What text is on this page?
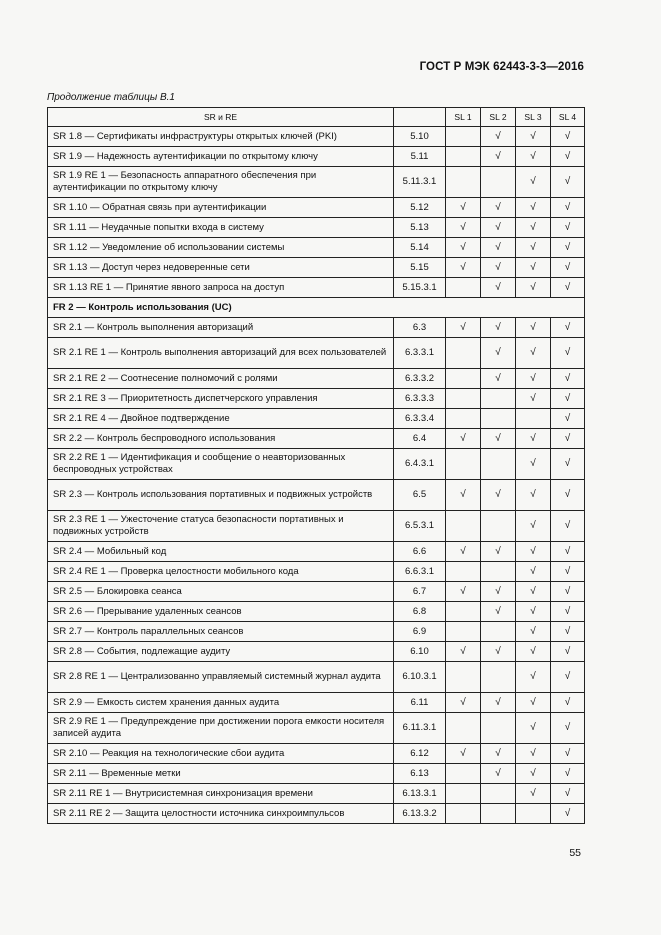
ГОСТ Р МЭК 62443-3-3—2016
Продолжение таблицы В.1
SR и RE		SL 1	SL 2	SL 3	SL 4
SR 1.8 — Сертификаты инфраструктуры открытых ключей (PKI)	5.10		√	√	√
SR 1.9 — Надежность аутентификации по открытому ключу	5.11		√	√	√
SR 1.9 RE 1 — Безопасность аппаратного обеспечения при аутентификации по открытому ключу	5.11.3.1			√	√
SR 1.10 — Обратная связь при аутентификации	5.12	√	√	√	√
SR 1.11 — Неудачные попытки входа в систему	5.13	√	√	√	√
SR 1.12 — Уведомление об использовании системы	5.14	√	√	√	√
SR 1.13 — Доступ через недоверенные сети	5.15	√	√	√	√
SR 1.13 RE 1 — Принятие явного запроса на доступ	5.15.3.1		√	√	√
FR 2 — Контроль использования (UC)					
SR 2.1 — Контроль выполнения авторизаций	6.3	√	√	√	√
SR 2.1 RE 1 — Контроль выполнения авторизаций для всех пользователей	6.3.3.1		√	√	√
SR 2.1 RE 2 — Соотнесение полномочий с ролями	6.3.3.2		√	√	√
SR 2.1 RE 3 — Приоритетность диспетчерского управления	6.3.3.3			√	√
SR 2.1 RE 4 — Двойное подтверждение	6.3.3.4				√
SR 2.2 — Контроль беспроводного использования	6.4	√	√	√	√
SR 2.2 RE 1 — Идентификация и сообщение о неавторизованных беспроводных устройствах	6.4.3.1			√	√
SR 2.3 — Контроль использования портативных и подвижных устройств	6.5	√	√	√	√
SR 2.3 RE 1 — Ужесточение статуса безопасности портативных и подвижных устройств	6.5.3.1			√	√
SR 2.4 — Мобильный код	6.6	√	√	√	√
SR 2.4 RE 1 — Проверка целостности мобильного кода	6.6.3.1			√	√
SR 2.5 — Блокировка сеанса	6.7	√	√	√	√
SR 2.6 — Прерывание удаленных сеансов	6.8		√	√	√
SR 2.7 — Контроль параллельных сеансов	6.9			√	√
SR 2.8 — События, подлежащие аудиту	6.10	√	√	√	√
SR 2.8 RE 1 — Централизованно управляемый системный журнал аудита	6.10.3.1			√	√
SR 2.9 — Емкость систем хранения данных аудита	6.11	√	√	√	√
SR 2.9 RE 1 — Предупреждение при достижении порога емкости носителя записей аудита	6.11.3.1			√	√
SR 2.10 — Реакция на технологические сбои аудита	6.12	√	√	√	√
SR 2.11 — Временные метки	6.13		√	√	√
SR 2.11 RE 1 — Внутрисистемная синхронизация времени	6.13.3.1			√	√
SR 2.11 RE 2 — Защита целостности источника синхроимпульсов	6.13.3.2				√
55
